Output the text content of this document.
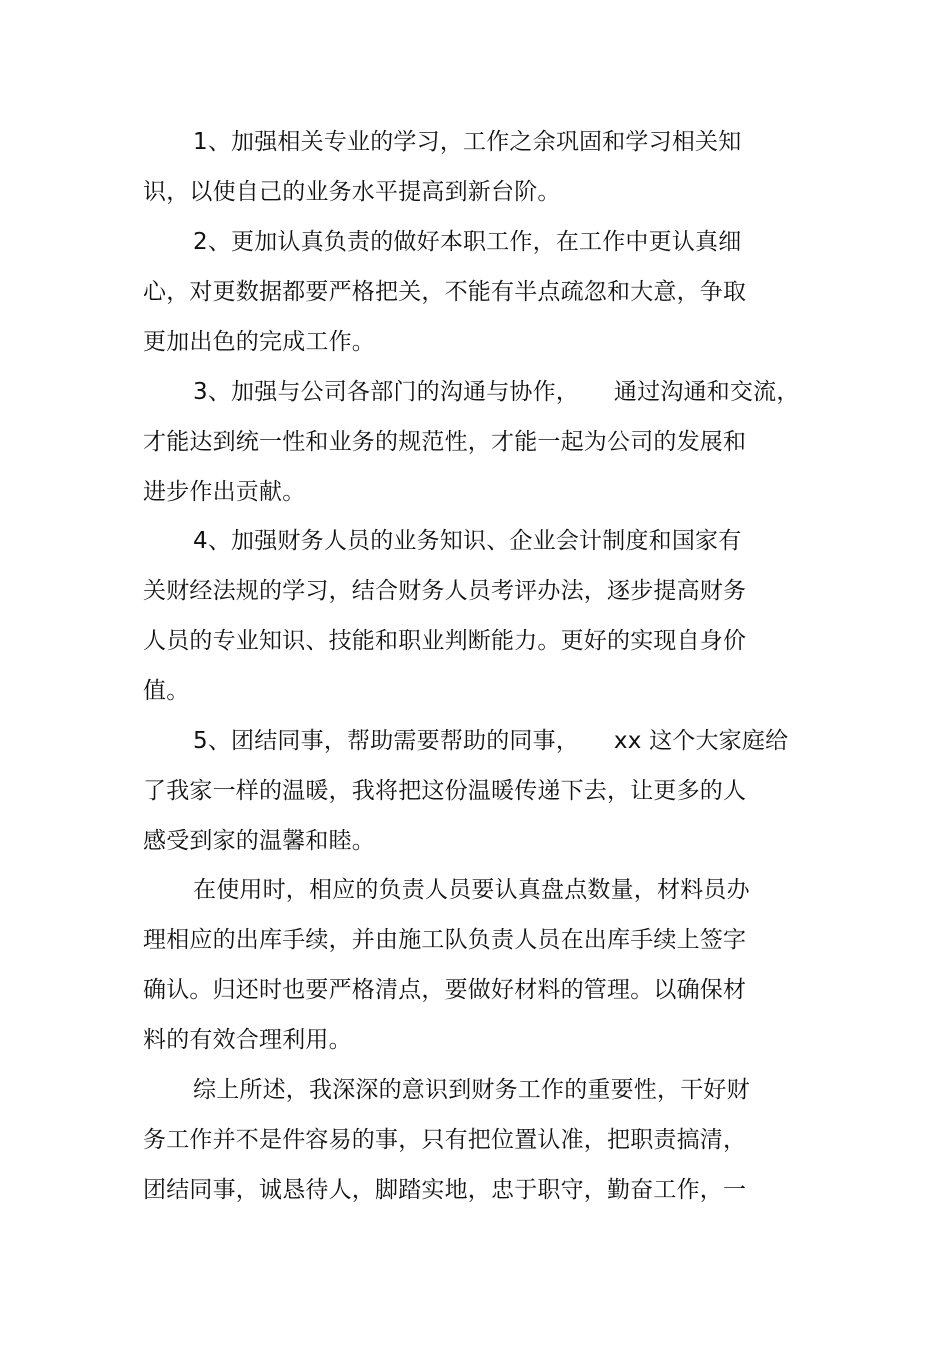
1、加强相关专业的学习，工作之余巩固和学习相关知
识，以使自己的业务水平提高到新台阶。
2、更加认真负责的做好本职工作，在工作中更认真细
心，对更数据都要严格把关，不能有半点疏忽和大意，争取
更加出色的完成工作。
3、加强与公司各部门的沟通与协作，　　通过沟通和交流，
才能达到统一性和业务的规范性，才能一起为公司的发展和
进步作出贡献。
4、加强财务人员的业务知识、企业会计制度和国家有
关财经法规的学习，结合财务人员考评办法，逐步提高财务
人员的专业知识、技能和职业判断能力。更好的实现自身价
值。
5、团结同事，帮助需要帮助的同事，　　xx 这个大家庭给
了我家一样的温暖，我将把这份温暖传递下去，让更多的人
感受到家的温馨和睦。
在使用时，相应的负责人员要认真盘点数量，材料员办
理相应的出库手续，并由施工队负责人员在出库手续上签字
确认。归还时也要严格清点，要做好材料的管理。以确保材
料的有效合理利用。
综上所述，我深深的意识到财务工作的重要性，干好财
务工作并不是件容易的事，只有把位置认准，把职责搞清，
团结同事，诚恳待人，脚踏实地，忠于职守，勤奋工作，一
